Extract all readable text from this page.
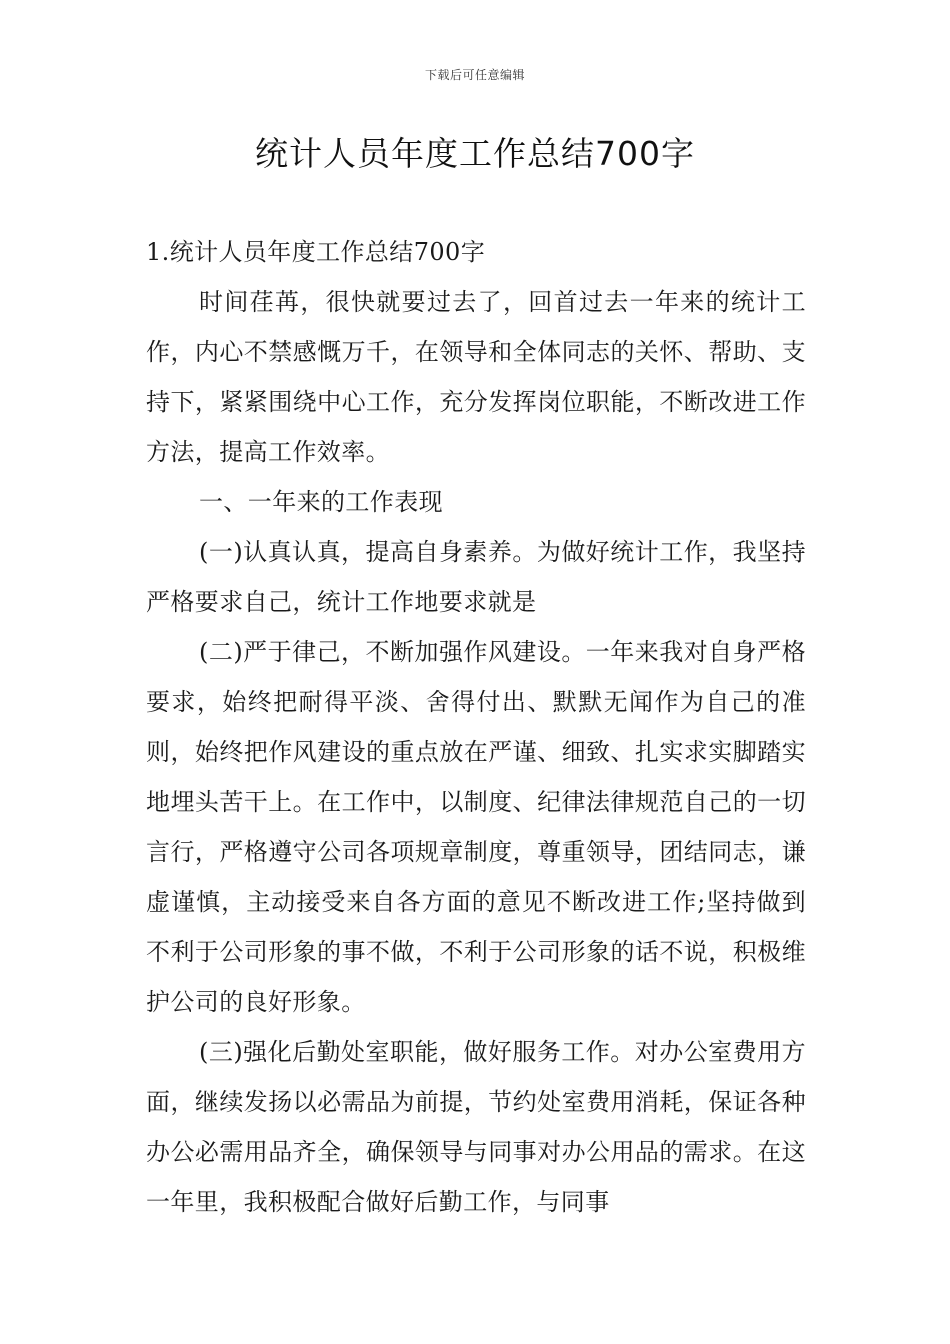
下载后可任意编辑
统计人员年度工作总结700字

1.统计人员年度工作总结700字

时间荏苒，很快就要过去了，回首过去一年来的统计工作，内心不禁感慨万千，在领导和全体同志的关怀、帮助、支持下，紧紧围绕中心工作，充分发挥岗位职能，不断改进工作方法，提高工作效率。

一、一年来的工作表现

(一)认真认真，提高自身素养。为做好统计工作，我坚持严格要求自己，统计工作地要求就是

(二)严于律己，不断加强作风建设。一年来我对自身严格要求，始终把耐得平淡、舍得付出、默默无闻作为自己的准则，始终把作风建设的重点放在严谨、细致、扎实求实脚踏实地埋头苦干上。在工作中，以制度、纪律法律规范自己的一切言行，严格遵守公司各项规章制度，尊重领导，团结同志，谦虚谨慎，主动接受来自各方面的意见不断改进工作;坚持做到不利于公司形象的事不做，不利于公司形象的话不说，积极维护公司的良好形象。

(三)强化后勤处室职能，做好服务工作。对办公室费用方面，继续发扬以必需品为前提，节约处室费用消耗，保证各种办公必需用品齐全，确保领导与同事对办公用品的需求。在这一年里，我积极配合做好后勤工作，与同事
